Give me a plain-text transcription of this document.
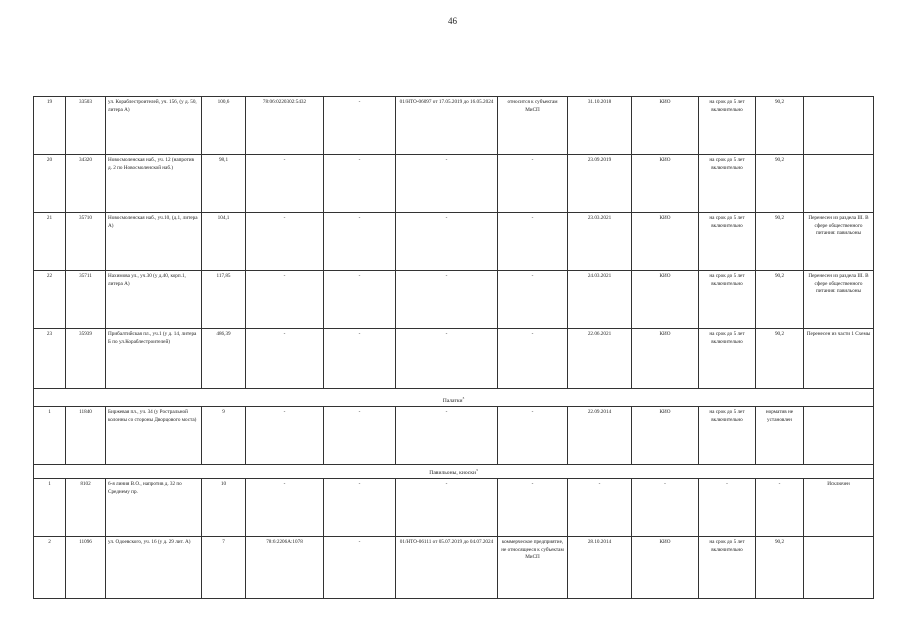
46
19	33503	ул. Кораблестроителей, уч. 156, (у д. 50, литера А)	100,6	78:06:0220302:5432	-	01/НТО-06097 от 17.05.2019 до 16.05.2024	относится к субъектам МиСП	31.10.2018	КИО	на срок до 5 лет включительно	90,2	
20	34320	Новосмоленская наб., уч. 12 (напротив д. 2 по Новосмоленской наб.)	98,1	-	-	-	-	23.09.2019	КИО	на срок до 5 лет включительно	90,2	
21	35710	Новосмоленская наб., уч.10, (д.1, литера А)	104,1	-	-	-	-	23.03.2021	КИО	на срок до 5 лет включительно	90,2	Перенесен из раздела III. В сфере общественного питания: павильоны
22	35711	Нахимова ул., уч.30 (у д.40, корп.1, литера А)	117,85	-	-	-	-	24.03.2021	КИО	на срок до 5 лет включительно	90,2	Перенесен из раздела III. В сфере общественного питания: павильоны
23	35939	Прибалтийская пл., уч.1 (у д. 14, литера Б по ул.Кораблестроителей)	486,39	-	-	-	-	22.06.2021	КИО	на срок до 5 лет включительно	90,2	Перенесен из части 1 Схемы
Палатки$^3$
1	11840	Биржевая пл., уч. 34 (у Ростральной колонны со стороны Дворцового моста)	9	-	-	-	-	22.09.2014	КИО	на срок до 5 лет включительно	норматив не установлен	
Павильоны, киоски$^3$
1	8102	6-я линия В.О., напротив д. 32 по Среднему пр.	10	-	-	-	-	-	-	-	-	Исключен
2	11096	ул. Одоевского, уч. 16 (у д. 29 лит. А)	7	78:6:2206А:1078	-	01/НТО-06111 от 05.07.2019 до 04.07.2024	коммерческое предприятие, не относящееся к субъектам МиСП	28.10.2014	КИО	на срок до 5 лет включительно	90,2	
